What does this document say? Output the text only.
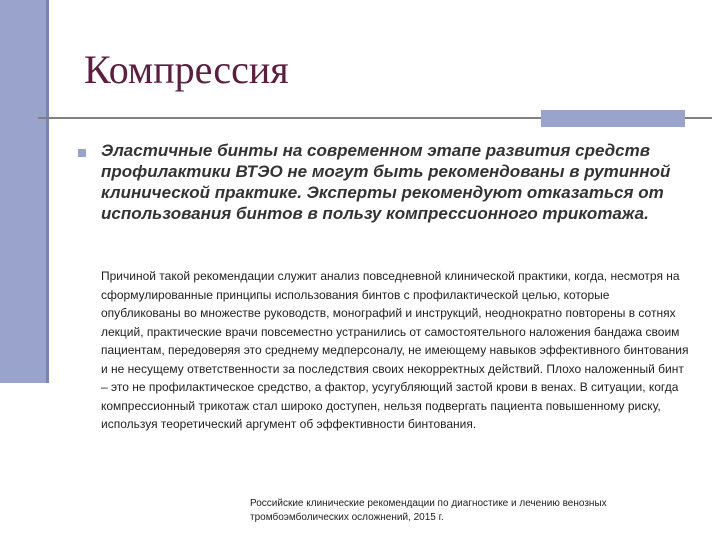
Компрессия

Эластичные бинты на современном этапе развития средств профилактики ВТЭО не могут быть рекомендованы в рутинной клинической практике. Эксперты рекомендуют отказаться от использования бинтов в пользу компрессионного трикотажа.

Причиной такой рекомендации служит анализ повседневной клинической практики, когда, несмотря на сформулированные принципы использования бинтов с профилактической целью, которые опубликованы во множестве руководств, монографий и инструкций, неоднократно повторены в сотнях лекций, практические врачи повсеместно устранились от самостоятельного наложения бандажа своим пациентам, передоверяя это среднему медперсоналу, не имеющему навыков эффективного бинтования и не несущему ответственности за последствия своих некорректных действий. Плохо наложенный бинт – это не профилактическое средство, а фактор, усугубляющий застой крови в венах. В ситуации, когда компрессионный трикотаж стал широко доступен, нельзя подвергать пациента повышенному риску, используя теоретический аргумент об эффективности бинтования.

Российские клинические рекомендации по диагностике и лечению венозных тромбоэмболических осложнений, 2015 г.
